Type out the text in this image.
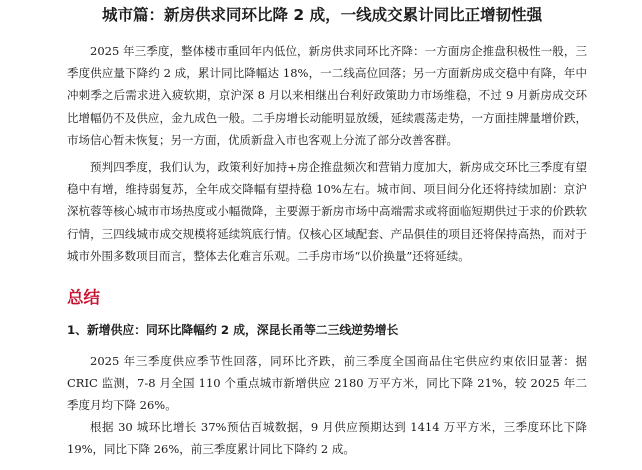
城市篇：新房供求同环比降 2 成，一线成交累计同比正增韧性强

2025 年三季度，整体楼市重回年内低位，新房供求同环比齐降：一方面房企推盘积极性一般，三季度供应量下降约 2 成，累计同比降幅达 18%，一二线高位回落；另一方面新房成交稳中有降，年中冲刺季之后需求进入疲软期，京沪深 8 月以来相继出台利好政策助力市场维稳，不过 9 月新房成交环比增幅仍不及供应，金九成色一般。二手房增长动能明显放缓，延续震荡走势，一方面挂牌量增价跌，市场信心暂未恢复；另一方面，优质新盘入市也客观上分流了部分改善客群。

预判四季度，我们认为，政策利好加持+房企推盘频次和营销力度加大，新房成交环比三季度有望稳中有增，维持弱复苏，全年成交降幅有望持稳 10%左右。城市间、项目间分化还将持续加剧：京沪深杭蓉等核心城市市场热度或小幅微降，主要源于新房市场中高端需求或将面临短期供过于求的价跌软行情，三四线城市成交规模将延续筑底行情。仅核心区域配套、产品俱佳的项目还将保持高热，而对于城市外围多数项目而言，整体去化难言乐观。二手房市场“以价换量”还将延续。

总结
1、新增供应：同环比降幅约 2 成，深昆长甬等二三线逆势增长

2025 年三季度供应季节性回落，同环比齐跌，前三季度全国商品住宅供应约束依旧显著：据 CRIC 监测，7-8 月全国 110 个重点城市新增供应 2180 万平方米，同比下降 21%，较 2025 年二季度月均下降 26%。

根据 30 城环比增长 37%预估百城数据，9 月供应预期达到 1414 万平方米，三季度环比下降 19%，同比下降 26%，前三季度累计同比下降约 2 成。
